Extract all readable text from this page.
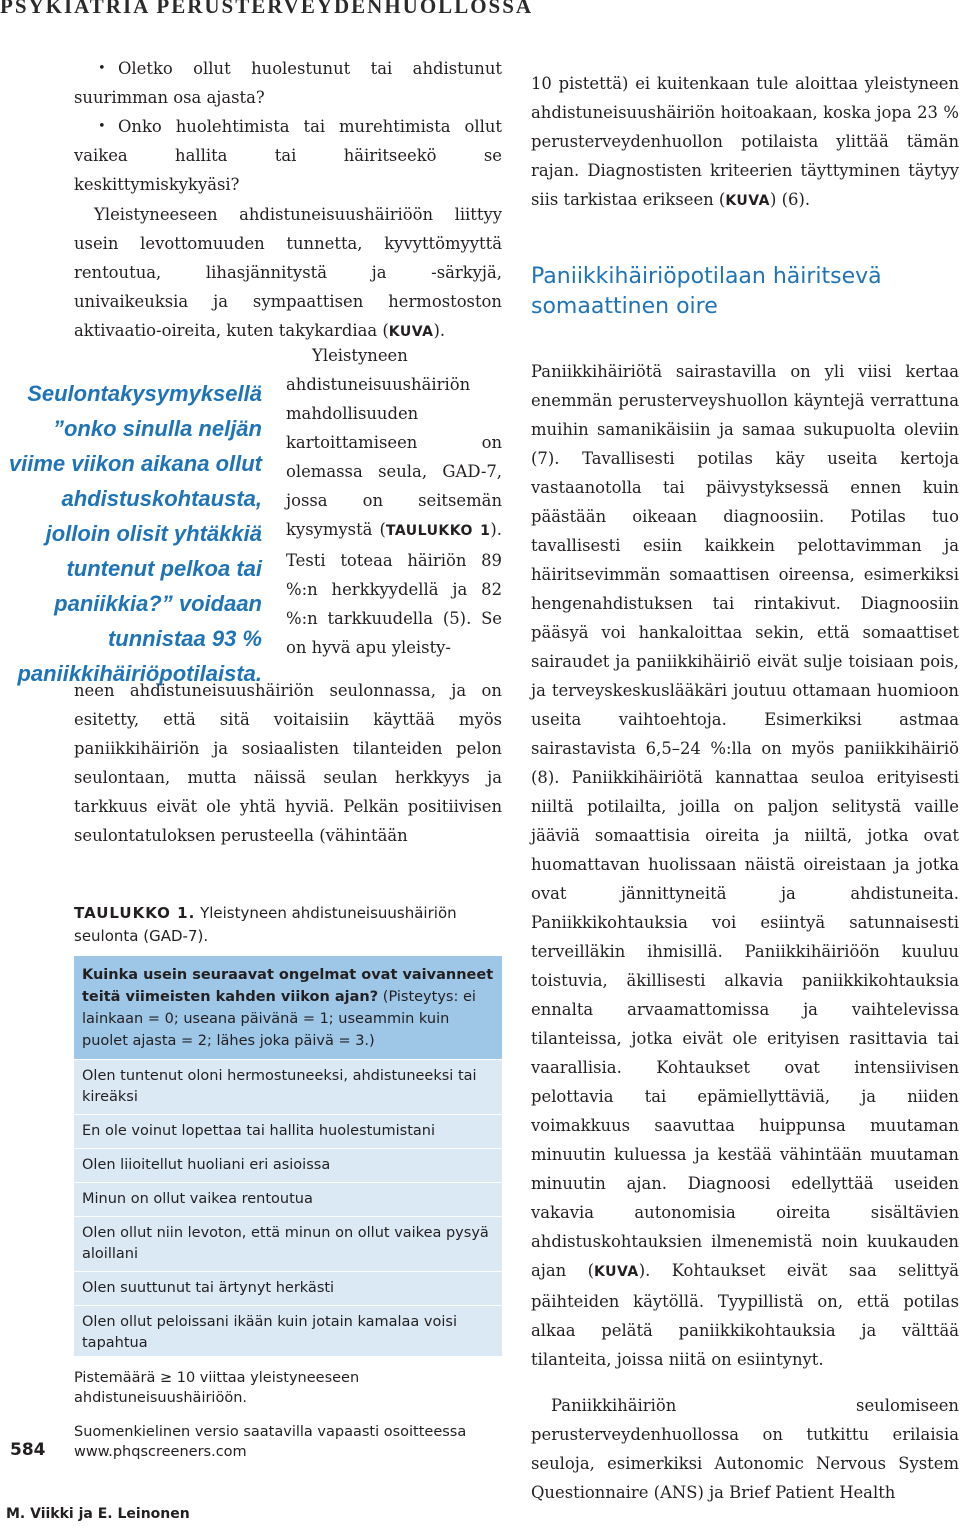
PSYKIATRIA PERUSTERVEYDENHUOLLOSSA
• Oletko ollut huolestunut tai ahdistunut suurimman osa ajasta?
• Onko huolehtimista tai murehtimista ollut vaikea hallita tai häiritseekö se keskittymiskykyäsi?

Yleistyneeseen ahdistuneisuushäiriöön liittyy usein levottomuuden tunnetta, kyvyttömyyttä rentoutua, lihasjännitystä ja -särkyjä, univaikeuksia ja sympaattisen hermostoston aktivaatio-oireita, kuten takykardiaa (KUVA).

Yleistyneen ahdistuneisuushäiriön mahdollisuuden kartoittamiseen on olemassa seula, GAD-7, jossa on seitsemän kysymystä (TAULUKKO 1). Testi toteaa häiriön 89 %:n herkkyydellä ja 82 %:n tarkkuudella (5). Se on hyvä apu yleisty-

Seulontakysymyksellä ”onko sinulla neljän viime viikon aikana ollut ahdistuskohtausta, jolloin olisit yhtäkkiä tuntenut pelkoa tai paniikkia?” voidaan tunnistaa 93 % paniikkihäiriöpotilaista.

neen ahdistuneisuushäiriön seulonnassa, ja on esitetty, että sitä voitaisiin käyttää myös paniikkihäiriön ja sosiaalisten tilanteiden pelon seulontaan, mutta näissä seulan herkkyys ja tarkkuus eivät ole yhtä hyviä. Pelkän positiivisen seulontatuloksen perusteella (vähintään

10 pistettä) ei kuitenkaan tule aloittaa yleistyneen ahdistuneisuushäiriön hoitoakaan, koska jopa 23 % perusterveydenhuollon potilaista ylittää tämän rajan. Diagnostisten kriteerien täyttyminen täytyy siis tarkistaa erikseen (KUVA) (6).

Paniikkihäiriöpotilaan häiritsevä somaattinen oire

Paniikkihäiriötä sairastavilla on yli viisi kertaa enemmän perusterveyshuollon käyntejä verrattuna muihin samanikäisiin ja samaa sukupuolta oleviin (7). Tavallisesti potilas käy useita kertoja vastaanotolla tai päivystyksessä ennen kuin päästään oikeaan diagnoosiin. Potilas tuo tavallisesti esiin kaikkein pelottavimman ja häiritsevimmän somaattisen oireensa, esimerkiksi hengenahdistuksen tai rintakivut. Diagnoosiin pääsyä voi hankaloittaa sekin, että somaattiset sairaudet ja paniikkihäiriö eivät sulje toisiaan pois, ja terveyskeskuslääkäri joutuu ottamaan huomioon useita vaihtoehtoja. Esimerkiksi astmaa sairastavista 6,5–24 %:lla on myös paniikkihäiriö (8). Paniikkihäiriötä kannattaa seuloa erityisesti niiltä potilailta, joilla on paljon selitystä vaille jääviä somaattisia oireita ja niiltä, jotka ovat huomattavan huolissaan näistä oireistaan ja jotka ovat jännittyneitä ja ahdistuneita. Paniikkikohtauksia voi esiintyä satunnaisesti terveilläkin ihmisillä. Paniikkihäiriöön kuuluu toistuvia, äkillisesti alkavia paniikkikohtauksia ennalta arvaamattomissa ja vaihtelevissa tilanteissa, jotka eivät ole erityisen rasittavia tai vaarallisia. Kohtaukset ovat intensiivisen pelottavia tai epämiellyttäviä, ja niiden voimakkuus saavuttaa huippunsa muutaman minuutin kuluessa ja kestää vähintään muutaman minuutin ajan. Diagnoosi edellyttää useiden vakavia autonomisia oireita sisältävien ahdistuskohtauksien ilmenemistä noin kuukauden ajan (KUVA). Kohtaukset eivät saa selittyä päihteiden käytöllä. Tyypillistä on, että potilas alkaa pelätä paniikkikohtauksia ja välttää tilanteita, joissa niitä on esiintynyt.

Paniikkihäiriön seulomiseen perusterveydenhuollossa on tutkittu erilaisia seuloja, esimerkiksi Autonomic Nervous System Questionnaire (ANS) ja Brief Patient Health

TAULUKKO 1. Yleistyneen ahdistuneisuushäiriön seulonta (GAD-7).
Kuinka usein seuraavat ongelmat ovat vaivanneet teitä viimeisten kahden viikon ajan? (Pisteytys: ei lainkaan = 0; useana päivänä = 1; useammin kuin puolet ajasta = 2; lähes joka päivä = 3.)
Olen tuntenut oloni hermostuneeksi, ahdistuneeksi tai kireäksi
En ole voinut lopettaa tai hallita huolestumistani
Olen liioitellut huoliani eri asioissa
Minun on ollut vaikea rentoutua
Olen ollut niin levoton, että minun on ollut vaikea pysyä aloillani
Olen suuttunut tai ärtynyt herkästi
Olen ollut peloissani ikään kuin jotain kamalaa voisi tapahtua
Pistemäärä ≥ 10 viittaa yleistyneeseen ahdistuneisuushäiriöön.
Suomenkielinen versio saatavilla vapaasti osoitteessa www.phqscreeners.com
584
M. Viikki ja E. Leinonen
